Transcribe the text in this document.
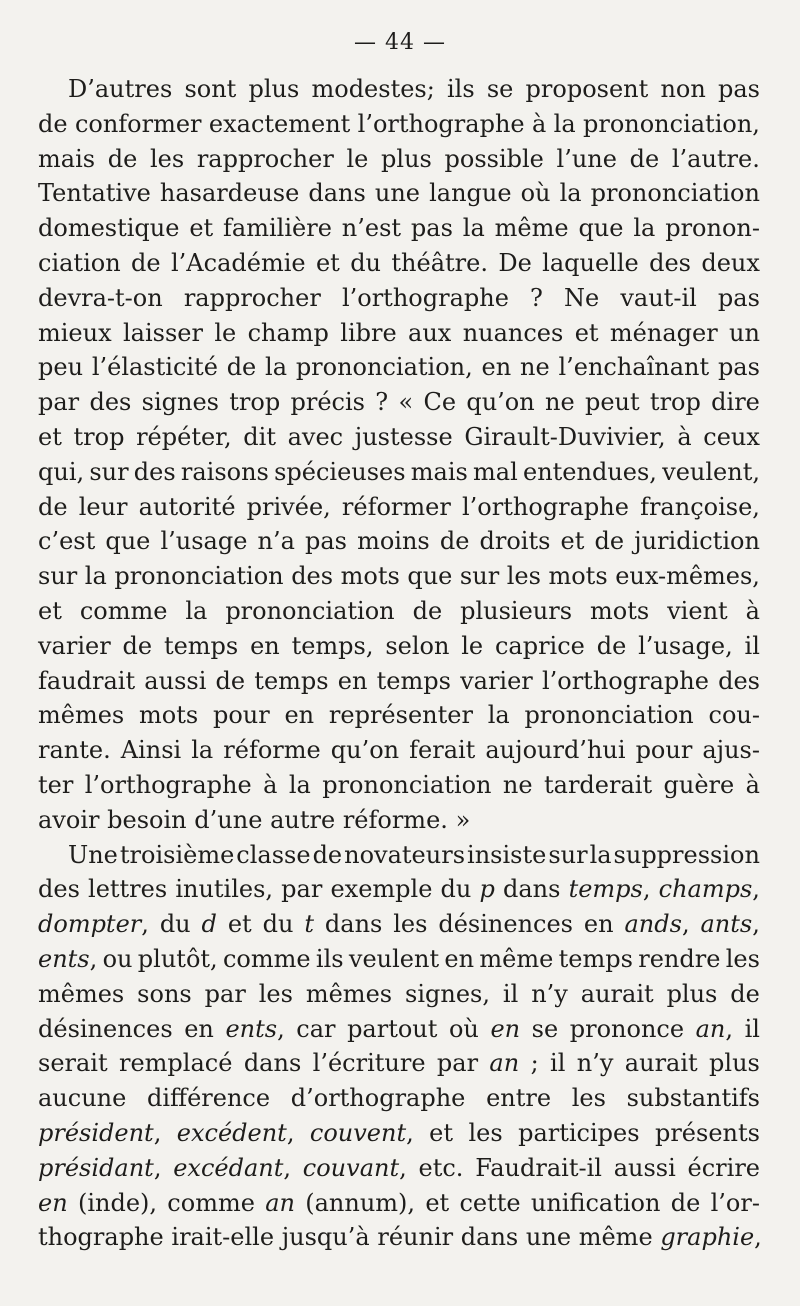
— 44 —
D’autres sont plus modestes; ils se proposent non pas
de conformer exactement l’orthographe à la prononciation,
mais de les rapprocher le plus possible l’une de l’autre.
Tentative hasardeuse dans une langue où la prononciation
domestique et familière n’est pas la même que la pronon-
ciation de l’Académie et du théâtre. De laquelle des deux
devra-t-on rapprocher l’orthographe ? Ne vaut-il pas
mieux laisser le champ libre aux nuances et ménager un
peu l’élasticité de la prononciation, en ne l’enchaînant pas
par des signes trop précis ? « Ce qu’on ne peut trop dire
et trop répéter, dit avec justesse Girault-Duvivier, à ceux
qui, sur des raisons spécieuses mais mal entendues, veulent,
de leur autorité privée, réformer l’orthographe françoise,
c’est que l’usage n’a pas moins de droits et de juridiction
sur la prononciation des mots que sur les mots eux-mêmes,
et comme la prononciation de plusieurs mots vient à
varier de temps en temps, selon le caprice de l’usage, il
faudrait aussi de temps en temps varier l’orthographe des
mêmes mots pour en représenter la prononciation cou-
rante. Ainsi la réforme qu’on ferait aujourd’hui pour ajus-
ter l’orthographe à la prononciation ne tarderait guère à
avoir besoin d’une autre réforme. »
Une troisième classe de novateurs insiste sur la suppression
des lettres inutiles, par exemple du p dans temps, champs,
dompter, du d et du t dans les désinences en ands, ants,
ents, ou plutôt, comme ils veulent en même temps rendre les
mêmes sons par les mêmes signes, il n’y aurait plus de
désinences en ents, car partout où en se prononce an, il
serait remplacé dans l’écriture par an ; il n’y aurait plus
aucune différence d’orthographe entre les substantifs
président, excédent, couvent, et les participes présents
présidant, excédant, couvant, etc. Faudrait-il aussi écrire
en (inde), comme an (annum), et cette unification de l’or-
thographe irait-elle jusqu’à réunir dans une même graphie,
